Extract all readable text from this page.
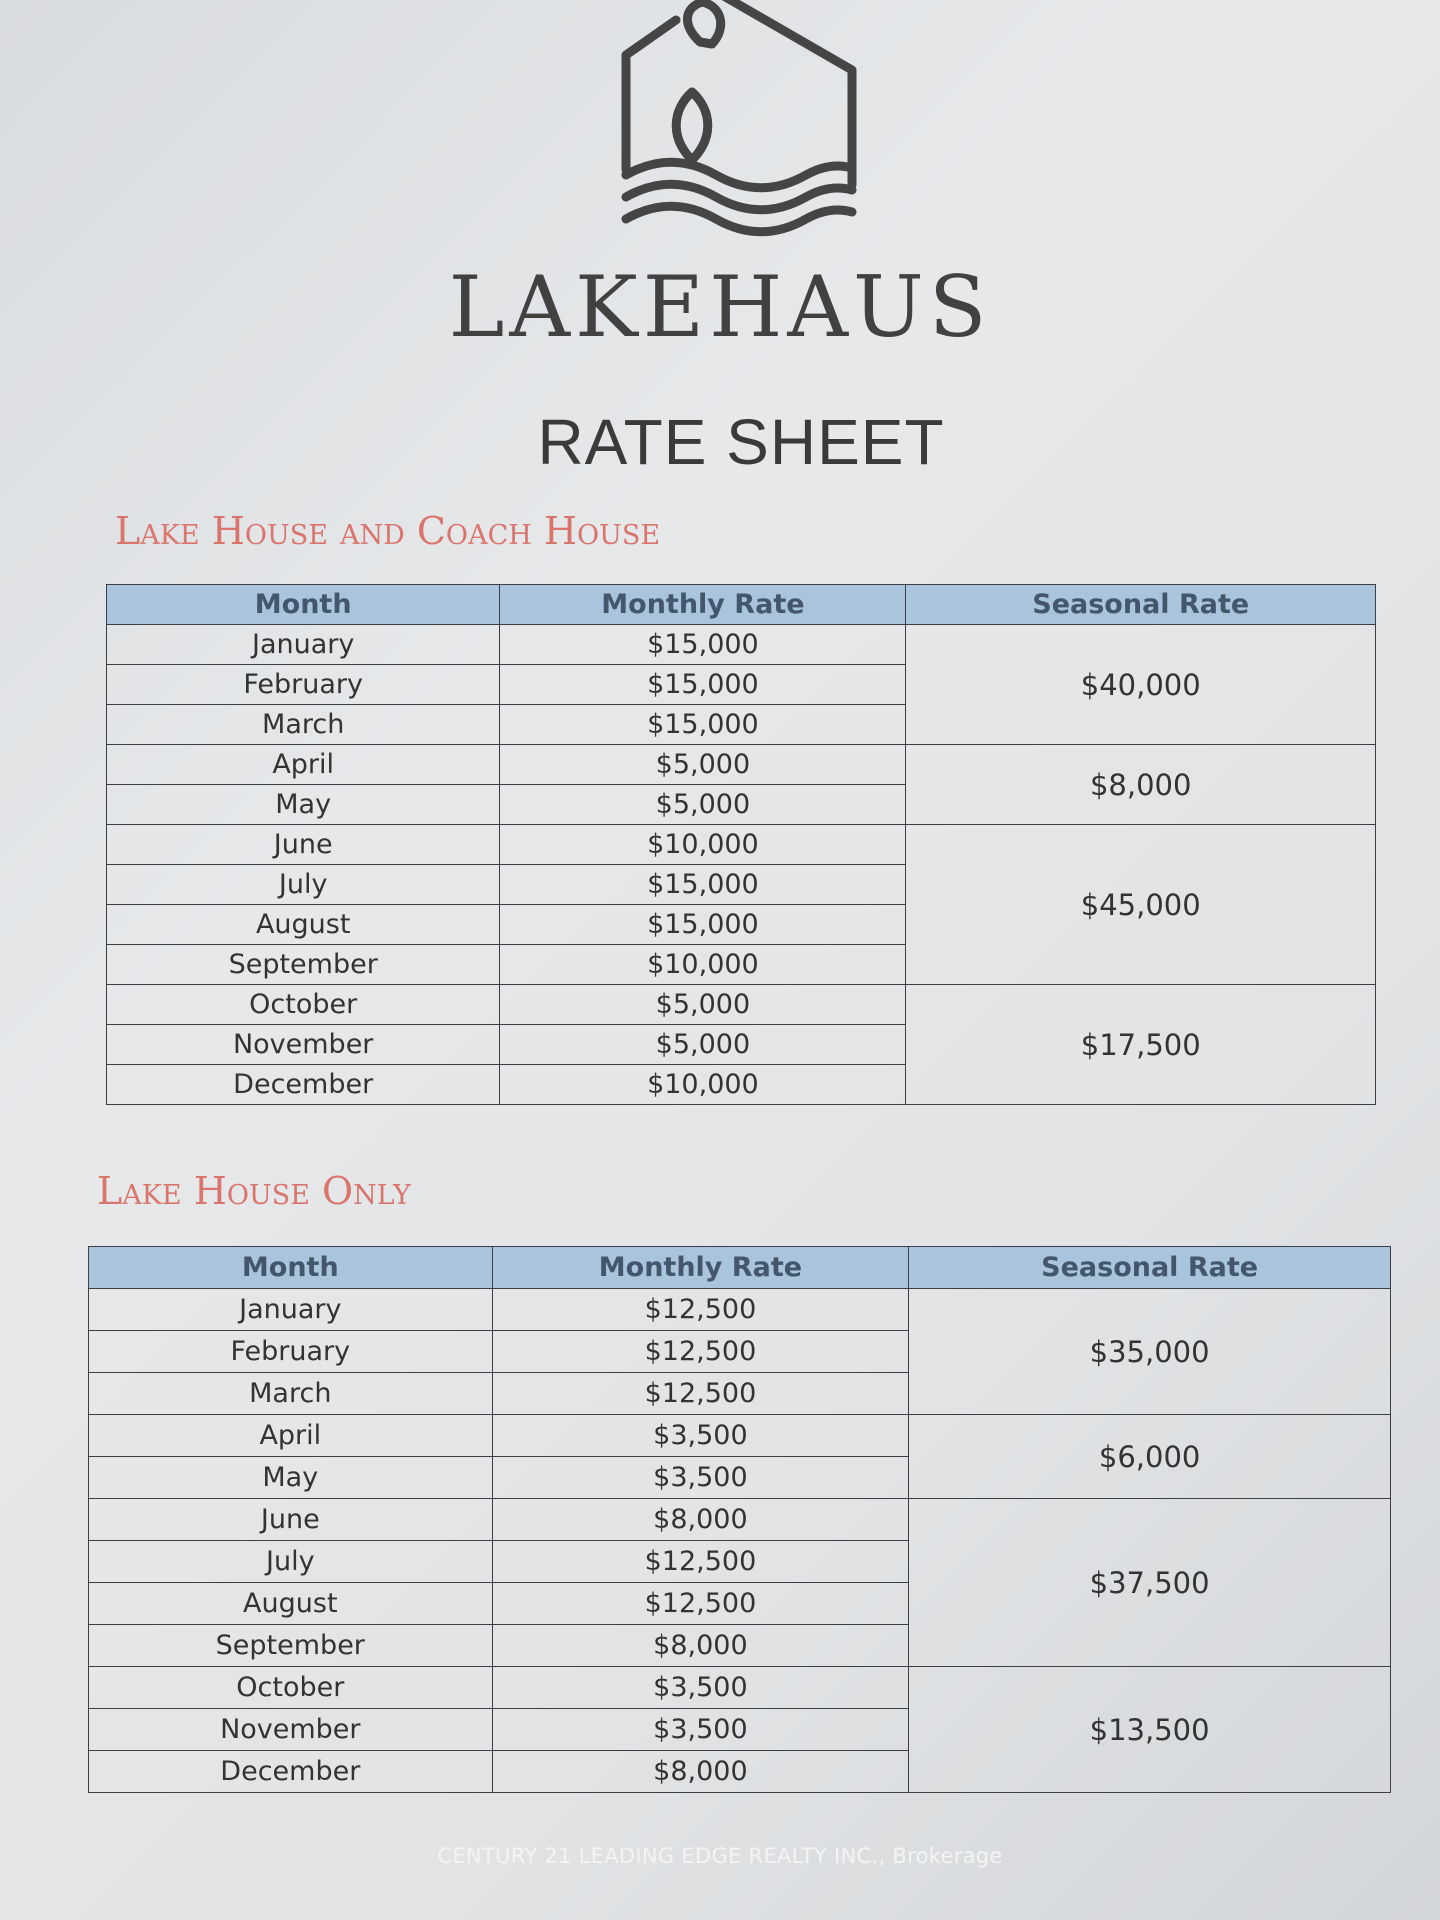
LAKEHAUS
RATE SHEET
Lake House and Coach House
Month	Monthly Rate	Seasonal Rate
January	$15,000	$40,000
February	$15,000	
March	$15,000	
April	$5,000	$8,000
May	$5,000	
June	$10,000	$45,000
July	$15,000	
August	$15,000	
September	$10,000	
October	$5,000	$17,500
November	$5,000	
December	$10,000	
Lake House Only
Month	Monthly Rate	Seasonal Rate
January	$12,500	$35,000
February	$12,500	
March	$12,500	
April	$3,500	$6,000
May	$3,500	
June	$8,000	$37,500
July	$12,500	
August	$12,500	
September	$8,000	
October	$3,500	$13,500
November	$3,500	
December	$8,000	
CENTURY 21 LEADING EDGE REALTY INC., Brokerage
